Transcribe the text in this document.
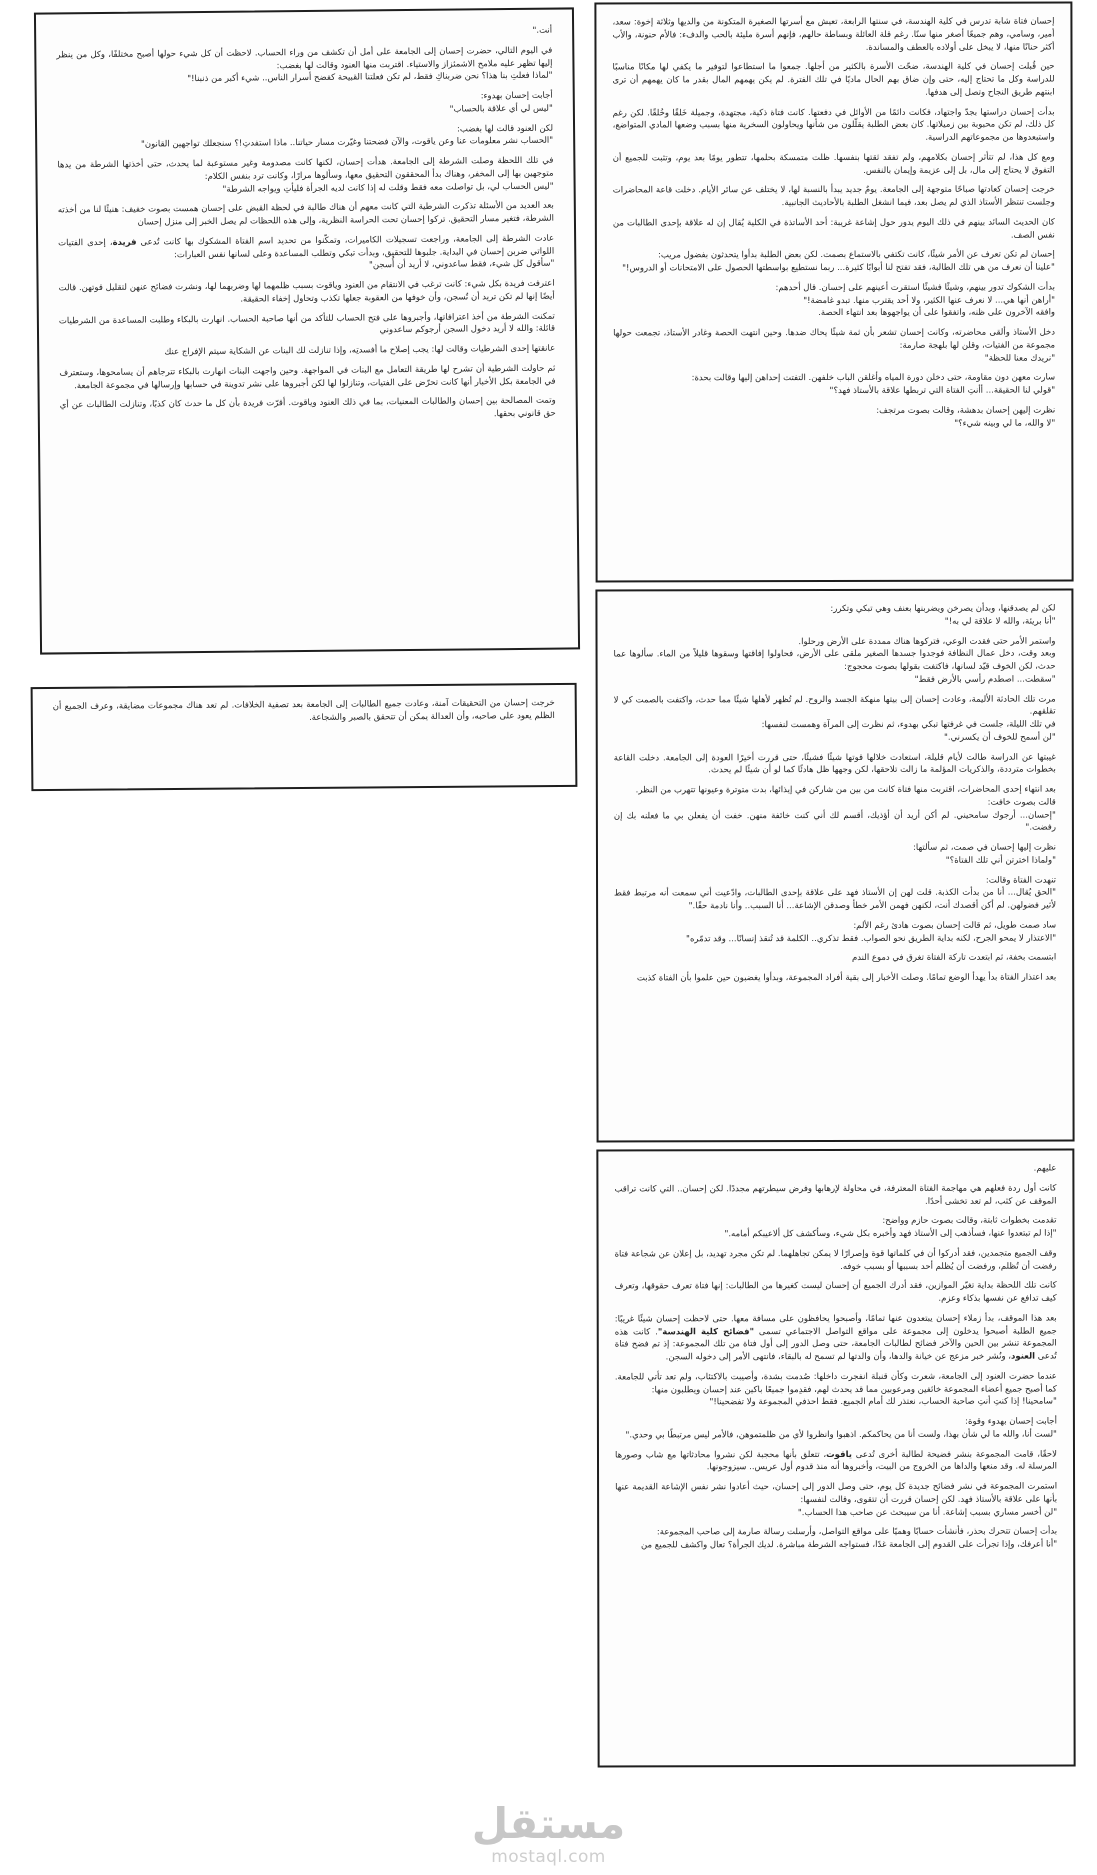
أنت."

في اليوم التالي، حضرت إحسان إلى الجامعة على أمل أن تكشف من وراء الحساب. لاحظت أن كل شيء حولها أصبح مختلفًا، وكل من ينظر إليها تظهر عليه ملامح الاشمئزاز والاستياء. اقتربت منها العنود وقالت لها بغضب:
"لماذا فعلتِ بنا هذا؟ نحن ضربناكِ فقط، لم تكن فعلتنا القبيحة كفضح أسرار الناس.. شيء أكبر من ذنبنا!"

أجابت إحسان بهدوء:
"ليس لي أي علاقة بالحساب"

لكن العنود قالت لها بغضب:
"الحساب نشر معلومات عنا وعن ياقوت، والآن فضحتنا وغيّرت مسار حياتنا.. ماذا استفدتِ!؟ سنجعلك تواجهين القانون"

في تلك اللحظة وصلت الشرطة إلى الجامعة. هدأت إحسان، لكنها كانت مصدومة وغير مستوعبة لما يحدث، حتى أخذتها الشرطة من يدها متوجهين بها إلى المخفر، وهناك بدأ المحققون التحقيق معها، وسألوها مرارًا، وكانت ترد بنفس الكلام:
"ليس الحساب لي، بل تواصلت معه فقط وقلت له إذا كانت لديه الجرأة فليأتِ ويواجه الشرطة"

بعد العديد من الأسئلة تذكرت الشرطية التي كانت معهم أن هناك طالبة في لحظة القبض على إحسان همست بصوت خفيف: هنيئًا لنا من أخذته الشرطة، فتغير مسار التحقيق. تركوا إحسان تحت الحراسة النظرية، وإلى هذه اللحظات لم يصل الخبر إلى منزل إحسان

عادت الشرطة إلى الجامعة، وراجعت تسجيلات الكاميرات، وتمكّنوا من تحديد اسم الفتاة المشكوك بها كانت تُدعى فريدة، إحدى الفتيات اللواتي ضربن إحسان في البداية. جلبوها للتحقيق، وبدأت تبكي وتطلب المساعدة وعلى لسانها نفس العبارات:
"سأقول كل شيء، فقط ساعدوني، لا أريد أن أُسجن"

اعترفت فريدة بكل شيء: كانت ترغب في الانتقام من العنود وياقوت بسبب ظلمهما لها وضربهما لها، ونشرت فضائح عنهن لتقليل قوتهن. قالت أيضًا إنها لم تكن تريد أن تُسجن، وأن خوفها من العقوبة جعلها تكذب وتحاول إخفاء الحقيقة.

تمكنت الشرطة من أخذ اعترافاتها، وأجبروها على فتح الحساب للتأكد من أنها صاحبة الحساب. انهارت بالبكاء وطلبت المساعدة من الشرطيات قائلة: والله لا أريد دخول السجن أرجوكم ساعدوني

عانقتها إحدى الشرطيات وقالت لها: يجب إصلاح ما أفسدتِه، وإذا تنازلت لك البنات عن الشكاية سيتم الإفراج عنك

ثم حاولت الشرطية أن تشرح لها طريقة التعامل مع البنات في المواجهة. وحين واجهت البنات انهارت بالبكاء تترجاهم أن يسامحوها، وستعترف في الجامعة بكل الأخبار أنها كانت تحرّض على الفتيات، وتنازلوا لها لكن أجبروها على نشر تدوينة في حسابها وإرسالها في مجموعة الجامعة.

وتمت المصالحة بين إحسان والطالبات المعنيات، بما في ذلك العنود وياقوت. أقرّت فريدة بأن كل ما حدث كان كذبًا، وتنازلت الطالبات عن أي حق قانوني بحقها.

خرجت إحسان من التحقيقات آمنة، وعادت جميع الطالبات إلى الجامعة بعد تصفية الخلافات. لم تعد هناك مجموعات مضايقة، وعرف الجميع أن الظلم يعود على صاحبه، وأن العدالة يمكن أن تتحقق بالصبر والشجاعة.

إحسان فتاة شابة تدرس في كلية الهندسة، في سنتها الرابعة، تعيش مع أسرتها الصغيرة المتكونة من والديها وثلاثة إخوة: سعد، أمير، وسامي، وهم جميعًا أصغر منها سنًا. رغم قلة العائلة وبساطة حالهم، فإنهم أسرة مليئة بالحب والدفء: فالأم حنونة، والأب أكثر حنانًا منها، لا يبخل على أولاده بالعطف والمساندة.

حين قُبلت إحسان في كلية الهندسة، ضحّت الأسرة بالكثير من أجلها. جمعوا ما استطاعوا لتوفير ما يكفي لها مكانًا مناسبًا للدراسة وكل ما تحتاج إليه، حتى وإن ضاق بهم الحال ماديًا في تلك الفترة. لم يكن يهمهم المال بقدر ما كان يهمهم أن ترى ابنتهم طريق النجاح وتصل إلى هدفها.

بدأت إحسان دراستها بجدّ واجتهاد، فكانت دائمًا من الأوائل في دفعتها. كانت فتاة ذكية، مجتهدة، وجميلة خَلقًا وخُلقًا. لكن رغم كل ذلك، لم تكن محبوبة بين زميلاتها. كان بعض الطلبة يقلّلون من شأنها ويحاولون السخرية منها بسبب وضعها المادي المتواضع، واستبعدوها من مجموعاتهم الدراسية.

ومع كل هذا، لم تتأثر إحسان بكلامهم، ولم تفقد ثقتها بنفسها. ظلت متمسكة بحلمها، تتطور يومًا بعد يوم، وتثبت للجميع أن التفوق لا يحتاج إلى مال، بل إلى عزيمة وإيمان بالنفس.

خرجت إحسان كعادتها صباحًا متوجهة إلى الجامعة. يومٌ جديد يبدأ بالنسبة لها، لا يختلف عن سائر الأيام. دخلت قاعة المحاضرات وجلست تنتظر الأستاذ الذي لم يصل بعد، فيما انشغل الطلبة بالأحاديث الجانبية.

كان الحديث السائد بينهم في ذلك اليوم يدور حول إشاعة غريبة: أحد الأساتذة في الكلية يُقال إن له علاقة بإحدى الطالبات من نفس الصف.

إحسان لم تكن تعرف عن الأمر شيئًا، كانت تكتفي بالاستماع بصمت. لكن بعض الطلبة بدأوا يتحدثون بفضول مريب:
"علينا أن نعرف من هي تلك الطالبة، فقد تفتح لنا أبوابًا كثيرة... ربما نستطيع بواسطتها الحصول على الامتحانات أو الدروس!"

بدأت الشكوك تدور بينهم، وشيئًا فشيئًا استقرت أعينهم على إحسان. قال أحدهم:
"أراهن أنها هي... لا نعرف عنها الكثير، ولا أحد يقترب منها. تبدو غامضة!"
وافقه الآخرون على ظنه، واتفقوا على أن يواجهوها بعد انتهاء الحصة.

دخل الأستاذ وألقى محاضرته، وكانت إحسان تشعر بأن ثمة شيئًا يحاك ضدها. وحين انتهت الحصة وغادر الأستاذ، تجمعت حولها مجموعة من الفتيات، وقلن لها بلهجة صارمة:
"نريدك معنا للحظة"

سارت معهن دون مقاومة، حتى دخلن دورة المياه وأغلقن الباب خلفهن. التفتت إحداهن إليها وقالت بحدة:
"قولي لنا الحقيقة... أأنتِ الفتاة التي تربطها علاقة بالأستاذ فهد؟"

نظرت إليهن إحسان بدهشة، وقالت بصوت مرتجف:
"لا والله، ما لي وبينه شيء؟"

لكن لم يصدقنها، وبدأن يصرخن ويضربنها بعنف وهي تبكي وتكرر:
"أنا بريئة، والله لا علاقة لي به!"

واستمر الأمر حتى فقدت الوعي، فتركوها هناك ممددة على الأرض ورحلوا.
وبعد وقت، دخل عمال النظافة فوجدوا جسدها الصغير ملقى على الأرض، فحاولوا إفاقتها وسقوها قليلاً من الماء. سألوها عما حدث، لكن الخوف قيّد لسانها، فاكتفت بقولها بصوت محجوج:
"سقطت... اصطدم رأسي بالأرض فقط"

مرت تلك الحادثة الأليمة، وعادت إحسان إلى بيتها منهكة الجسد والروح. لم تُظهر لأهلها شيئًا مما حدث، واكتفت بالصمت كي لا تقلقهم.
في تلك الليلة، جلست في غرفتها تبكي بهدوء، ثم نظرت إلى المرآة وهمست لنفسها:
"لن أسمح للخوف أن يكسرني."

غيبتها عن الدراسة طالت لأيام قليلة، استعادت خلالها قوتها شيئًا فشيئًا، حتى قررت أخيرًا العودة إلى الجامعة. دخلت القاعة بخطوات مترددة، والذكريات المؤلمة ما زالت تلاحقها، لكن وجهها ظل هادئًا كما لو أن شيئًا لم يحدث.

بعد انتهاء إحدى المحاضرات، اقتربت منها فتاة كانت من بين من شاركن في إيذائها، بدت متوترة وعيونها تتهرب من النظر.
قالت بصوت خافت:
"إحسان... أرجوك سامحيني. لم أكن أريد أن أؤذيك، أقسم لك أني كنت خائفة منهن. خفت أن يفعلن بي ما فعلنه بك إن رفضت."

نظرت إليها إحسان في صمت، ثم سألتها:
"ولماذا اخترتن أني تلك الفتاة؟"

تنهدت الفتاة وقالت:
"الحق يُقال... أنا من بدأت الكذبة. قلت لهن إن الأستاذ فهد على علاقة بإحدى الطالبات، وادّعيت أني سمعت أنه مرتبط فقط لأثير فضولهن. لم أكن أقصدك أنت، لكنهن فهمن الأمر خطأ وصدقن الإشاعة... أنا السبب.. وأنا نادمة حقًا."

ساد صمت طويل، ثم قالت إحسان بصوت هادئ رغم الألم:
"الاعتذار لا يمحو الجرح، لكنه بداية الطريق نحو الصواب. فقط تذكري.. الكلمة قد تُنقذ إنسانًا... وقد تدمّره"

ابتسمت بخفة، ثم ابتعدت تاركة الفتاة تغرق في دموع الندم

بعد اعتذار الفتاة بدأ يهدأ الوضع تمامًا. وصلت الأخبار إلى بقية أفراد المجموعة، وبدأوا يغضبون حين علموا بأن الفتاة كذبت

عليهم.

كانت أول ردة فعلهم هي مهاجمة الفتاة المعترفة، في محاولة لإرهابها وفرض سيطرتهم مجددًا. لكن إحسان.. التي كانت تراقب الموقف عن كثب، لم تعد تخشى أحدًا.

تقدمت بخطوات ثابتة، وقالت بصوت حازم وواضح:
"إذا لم تبتعدوا عنها، فسأذهب إلى الأستاذ فهد وأخبره بكل شيء، وسأكشف كل ألاعيبكم أمامه."

وقف الجميع متجمدين، فقد أدركوا أن في كلماتها قوة وإصرارًا لا يمكن تجاهلهما. لم تكن مجرد تهديد، بل إعلان عن شجاعة فتاة رفضت أن تُظلم، ورفضت أن يُظلم أحد بسببها أو بسبب خوفه.

كانت تلك اللحظة بداية تغيّر الموازين، فقد أدرك الجميع أن إحسان ليست كغيرها من الطالبات: إنها فتاة تعرف حقوقها، وتعرف كيف تدافع عن نفسها بذكاء وعزم.

بعد هذا الموقف، بدأ زملاء إحسان يبتعدون عنها تمامًا، وأصبحوا يحافظون على مسافة معها. حتى لاحظت إحسان شيئًا غريبًا: جميع الطلبة أصبحوا يدخلون إلى مجموعة على مواقع التواصل الاجتماعي تسمى "فضائح كلية الهندسة". كانت هذه المجموعة تنشر بين الحين والآخر فضائح لطالبات الجامعة، حتى وصل الدور إلى أول فتاة من تلك المجموعة: إذ تم فضح فتاة تُدعى العنود، ونُشر خبر مزعج عن خيانة والدها، وأن والدتها لم تسمح له بالبقاء، فانتهى الأمر إلى دخوله السجن.

عندما حضرت العنود إلى الجامعة، شعرت وكأن قنبلة انفجرت داخلها: صُدمت بشدة، وأصيبت بالاكتئاب، ولم تعد تأتي للجامعة. كما أصبح جميع أعضاء المجموعة خائفين ومرعوبين مما قد يحدث لهم، فقدِموا جميعًا باكين عند إحسان ويطلبون منها:
"سامحينا! إذا كنتِ أنتِ صاحبة الحساب، نعتذر لك أمام الجميع. فقط احذفي المجموعة ولا تفضحينا!"

أجابت إحسان بهدوء وقوة:
"لست أنا، والله ما لي شأن بهذا، ولست أنا من يحاكمكم. اذهبوا وانظروا لأي من ظلمتموهن، فالأمر ليس مرتبطًا بي وحدي."

لاحقًا، قامت المجموعة بنشر فضيحة لطالبة أخرى تُدعى ياقوت، تتعلق بأنها محجبة لكن نشروا محادثاتها مع شاب وصورها المرسلة له. وقد منعها والداها من الخروج من البيت، وأخبروها أنه منذ قدوم أول عريس.. سيزوجونها.

استمرت المجموعة في نشر فضائح جديدة كل يوم، حتى وصل الدور إلى إحسان، حيث أعادوا نشر نفس الإشاعة القديمة عنها بأنها على علاقة بالأستاذ فهد. لكن إحسان قررت أن تتقوى، وقالت لنفسها:
"لن أخسر مساري بسبب إشاعة. أنا من سيبحث عن صاحب هذا الحساب."

بدأت إحسان تتحرك بحذر، فأنشأت حسابًا وهميًا على مواقع التواصل، وأرسلت رسالة صارمة إلى صاحب المجموعة:
"أنا أعرفك، وإذا تجرأت على القدوم إلى الجامعة غدًا، فستواجه الشرطة مباشرة. لديك الجرأة؟ تعال واكشف للجميع من

مستقل
mostaql.com
